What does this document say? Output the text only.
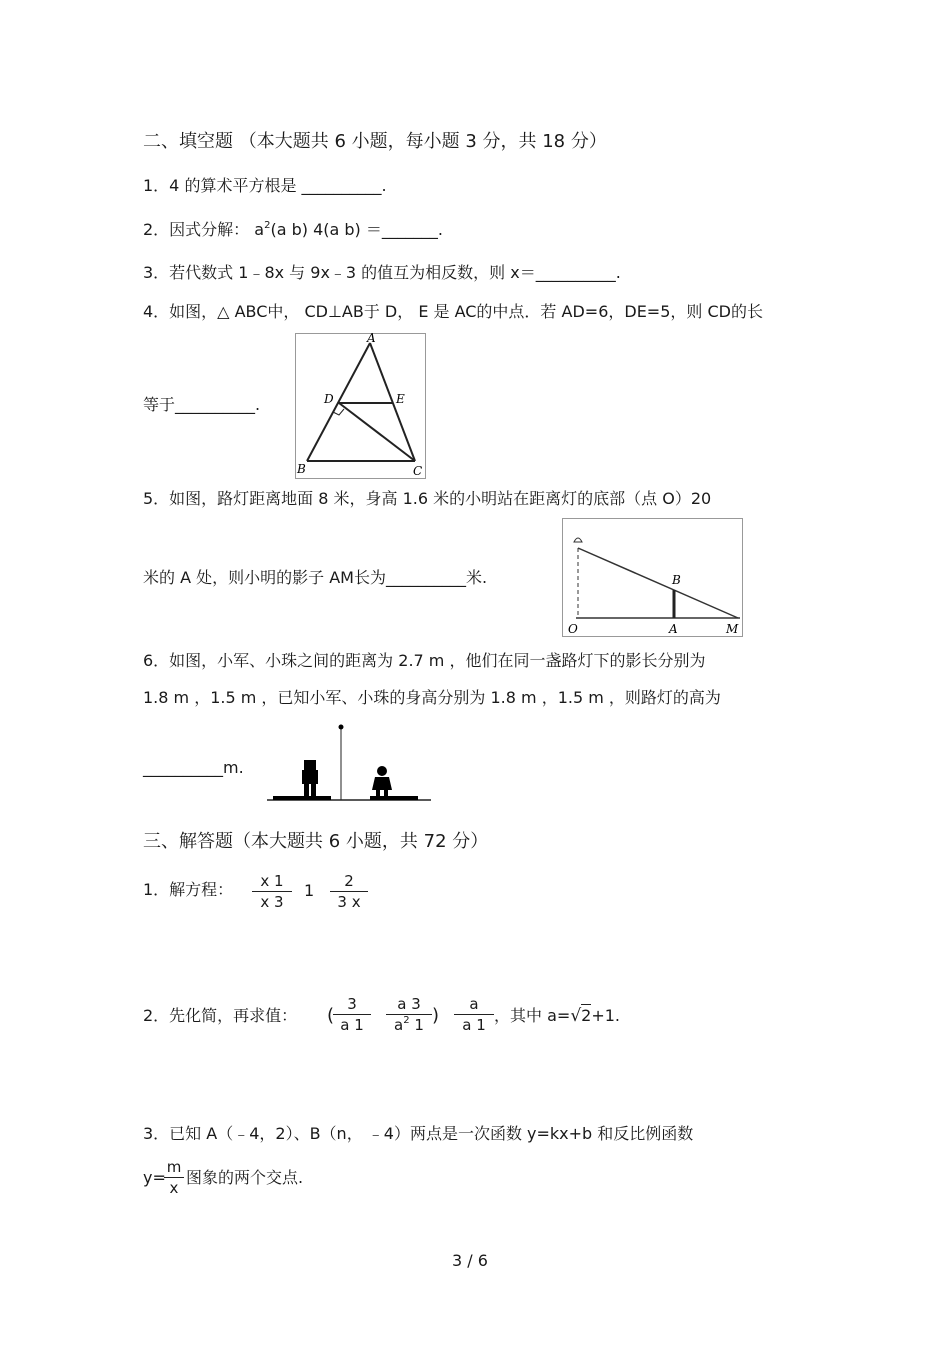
二、填空题 （本大题共 6 小题，每小题 3 分，共 18 分）
1．4 的算术平方根是 __________.
2．因式分解： $a^2(a$ b) 4(a b) ＝_______.
3．若代数式 1﹣8x 与 9x﹣3 的值互为相反数，则 x＝__________.
4．如图，△ ABC中， CD⊥AB于 D， E 是 AC的中点．若 AD=6，DE=5，则 CD的长
A
B	C
D	E
等于__________.
5．如图，路灯距离地面 8 米，身高 1.6 米的小明站在距离灯的底部（点 O）20
B
O	A	M
米的 A 处，则小明的影子 AM长为__________米.
6．如图，小军、小珠之间的距离为 2.7 m ，他们在同一盏路灯下的影长分别为
1.8 m ，1.5 m ，已知小军、小珠的身高分别为 1.8 m ，1.5 m ，则路灯的高为
__________m.
三、解答题（本大题共 6 小题，共 72 分）
1．解方程： $\frac{x 1}{x 3} 1 \frac{2}{3 x}$
2．先化简，再求值： (
$\frac{3}{a 1} \frac{a 3}{a^2 1}$ ) $\frac{a}{a 1}$ ，其中 a=√2+1.
3．已知 A（﹣4，2）、B（n， ﹣4）两点是一次函数 y=kx+b 和反比例函数
y=
$\frac{m}{x}$ 图象的两个交点.
3 / 6
